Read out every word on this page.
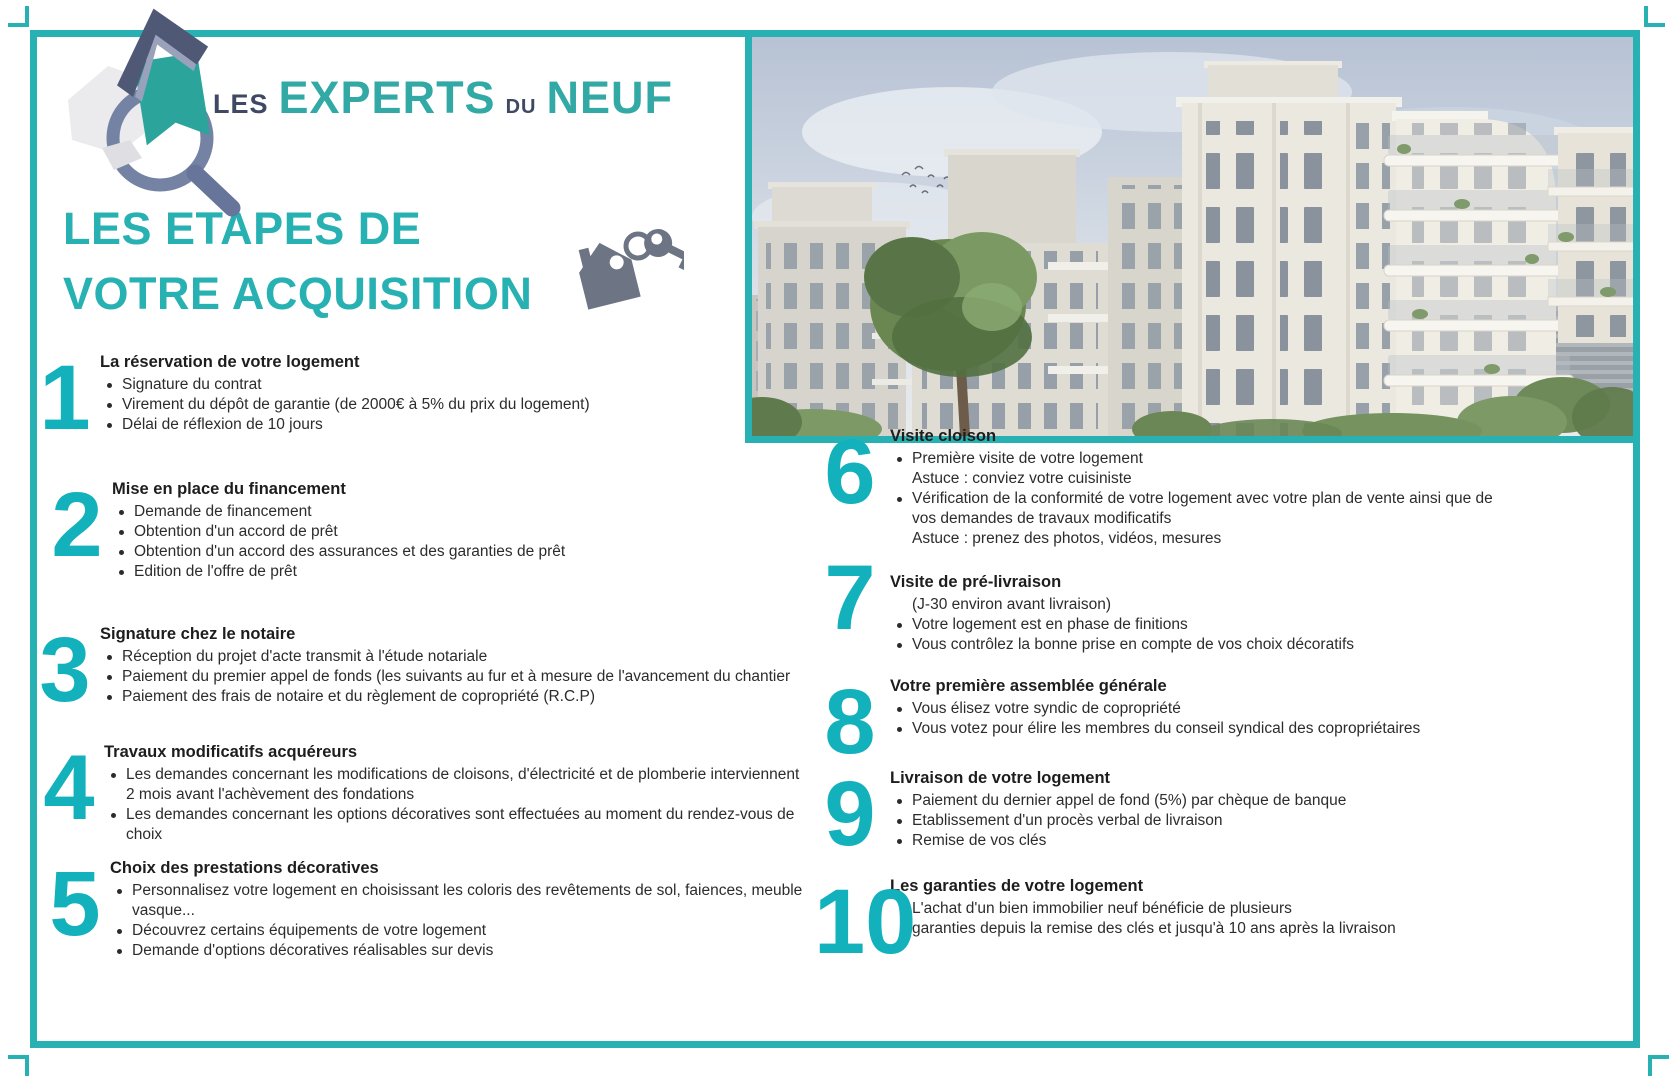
LES EXPERTS DU NEUF
LES ETAPES DE
VOTRE ACQUISITION
1 La réservation de votre logement
Signature du contrat
Virement du dépôt de garantie (de 2000€ à 5% du prix du logement)
Délai de réflexion de 10 jours
2 Mise en place du financement
Demande de financement
Obtention d'un accord de prêt
Obtention d'un accord des assurances et des garanties de prêt
Edition de l'offre de prêt
3 Signature chez le notaire
Réception du projet d'acte transmit à l'étude notariale
Paiement du premier appel de fonds (les suivants au fur et à mesure de l'avancement du chantier
Paiement des frais de notaire et du règlement de copropriété (R.C.P)
4 Travaux modificatifs acquéreurs
Les demandes concernant les modifications de cloisons, d'électricité et de plomberie interviennent 2 mois avant l'achèvement des fondations
Les demandes concernant les options décoratives sont effectuées au moment du rendez-vous de choix
5 Choix des prestations décoratives
Personnalisez votre logement en choisissant les coloris des revêtements de sol, faiences, meuble vasque...
Découvrez certains équipements de votre logement
Demande d'options décoratives réalisables sur devis
6 Visite cloison
Première visite de votre logement
Astuce : conviez votre cuisiniste
Vérification de la conformité de votre logement avec votre plan de vente ainsi que de vos demandes de travaux modificatifs
Astuce : prenez des photos, vidéos, mesures
7 Visite de pré-livraison
(J-30 environ avant livraison)
Votre logement est en phase de finitions
Vous contrôlez la bonne prise en compte de vos choix décoratifs
8 Votre première assemblée générale
Vous élisez votre syndic de copropriété
Vous votez pour élire les membres du conseil syndical des copropriétaires
9 Livraison de votre logement
Paiement du dernier appel de fond (5%) par chèque de banque
Etablissement d'un procès verbal de livraison
Remise de vos clés
10
Les garanties de votre logement
L'achat d'un bien immobilier neuf bénéficie de plusieurs
garanties depuis la remise des clés et jusqu'à 10 ans après la livraison
